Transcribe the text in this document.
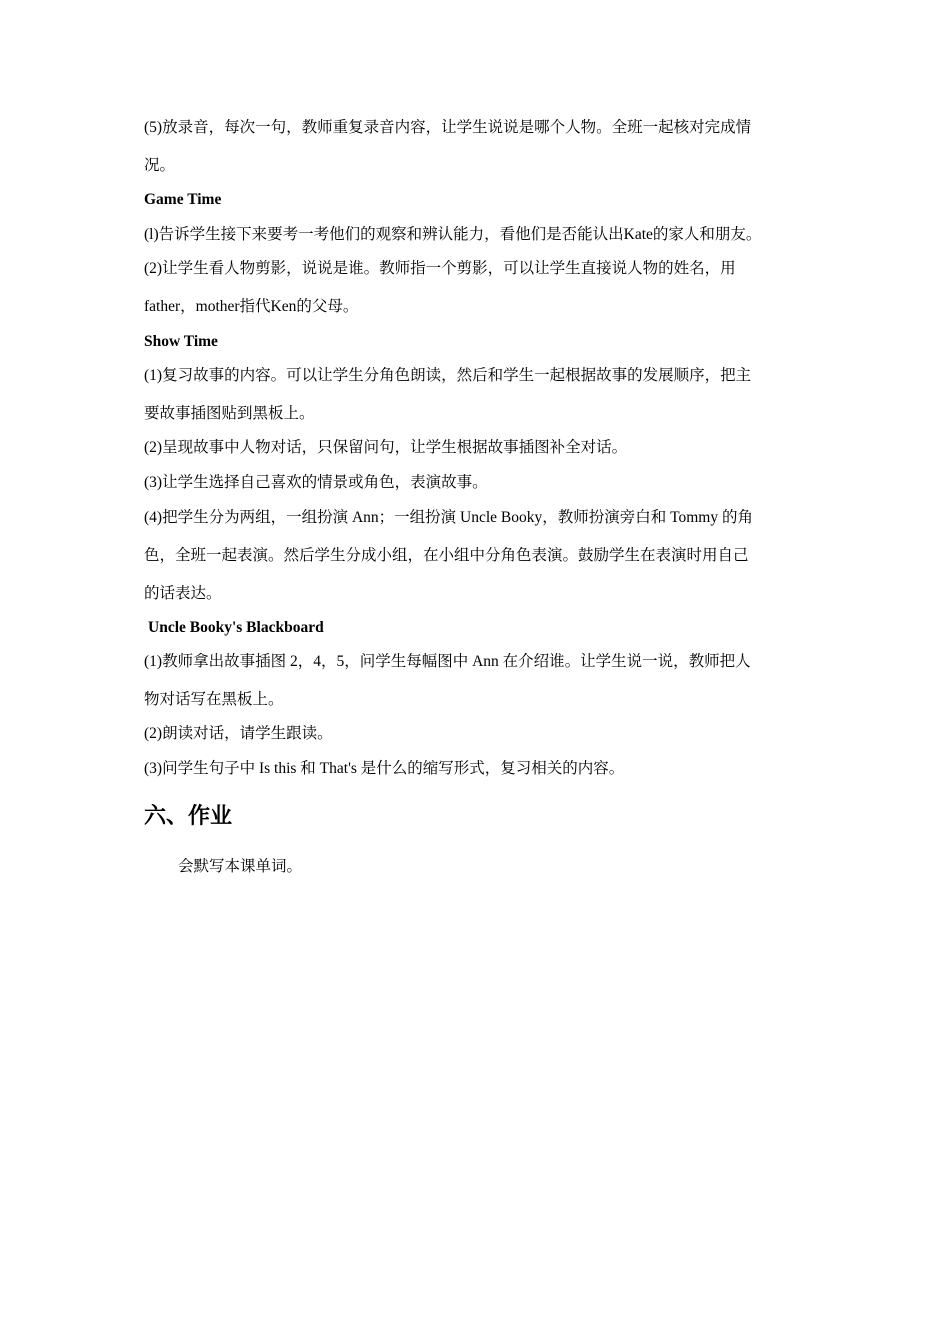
(5)放录音，每次一句，教师重复录音内容，让学生说说是哪个人物。全班一起核对完成情
况。
Game Time
(l)告诉学生接下来要考一考他们的观察和辨认能力，看他们是否能认出Kate的家人和朋友。
(2)让学生看人物剪影，说说是谁。教师指一个剪影，可以让学生直接说人物的姓名，用
father，mother指代Ken的父母。
Show Time
(1)复习故事的内容。可以让学生分角色朗读，然后和学生一起根据故事的发展顺序，把主
要故事插图贴到黑板上。
(2)呈现故事中人物对话，只保留问句，让学生根据故事插图补全对话。
(3)让学生选择自己喜欢的情景或角色，表演故事。
(4)把学生分为两组，一组扮演 Ann；一组扮演 Uncle Booky，教师扮演旁白和 Tommy 的角
色，全班一起表演。然后学生分成小组，在小组中分角色表演。鼓励学生在表演时用自己
的话表达。
Uncle Booky's Blackboard
(1)教师拿出故事插图 2，4，5，问学生每幅图中 Ann 在介绍谁。让学生说一说，教师把人
物对话写在黑板上。
(2)朗读对话，请学生跟读。
(3)问学生句子中 Is this 和 That's 是什么的缩写形式，复习相关的内容。
六、作业
会默写本课单词。
